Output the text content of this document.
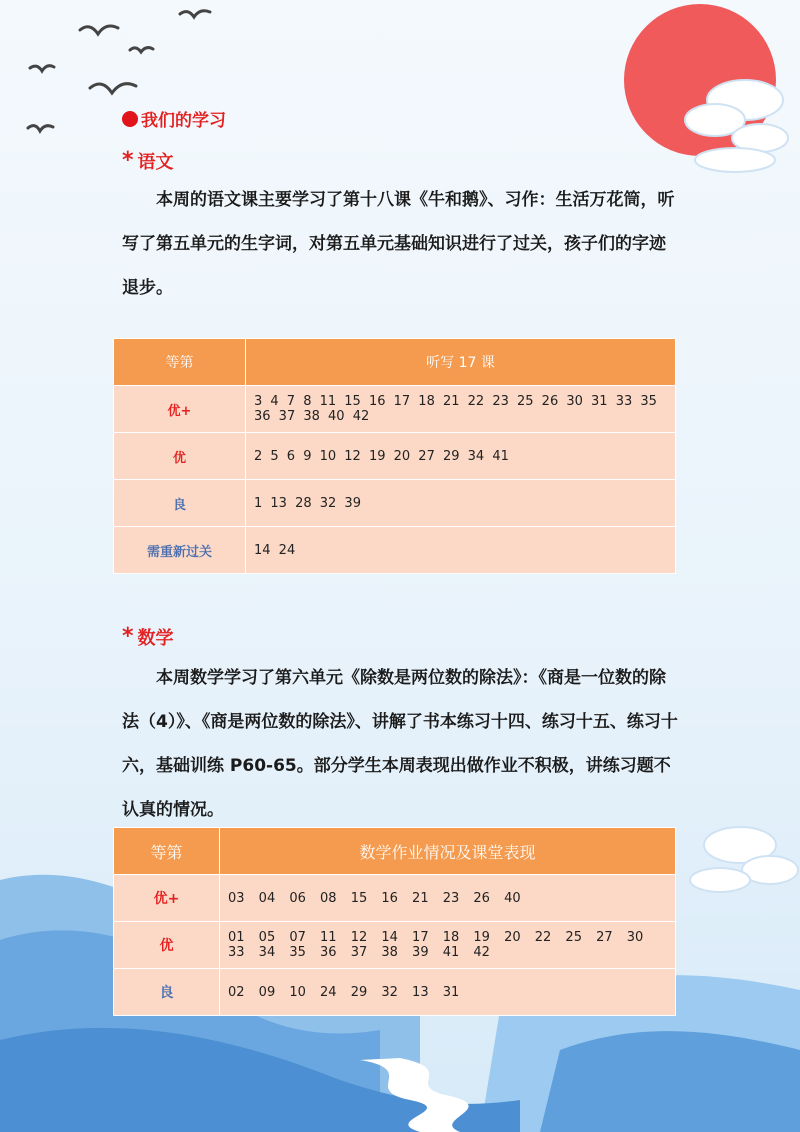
我们的学习
* 语文
本周的语文课主要学习了第十八课《牛和鹅》、习作：生活万花筒，听写了第五单元的生字词，对第五单元基础知识进行了过关，孩子们的字迹退步。
等第	听写 17 课
优+	3 4 7 8 11 15 16 17 18 21 22 23 25 26 30 31 33 35 36 37 38 40 42
优	2 5 6 9 10 12 19 20 27 29 34 41
良	1 13 28 32 39
需重新过关	14 24
* 数学
本周数学学习了第六单元《除数是两位数的除法》：《商是一位数的除法（4）》、《商是两位数的除法》、讲解了书本练习十四、练习十五、练习十六，基础训练 P60-65。部分学生本周表现出做作业不积极，讲练习题不认真的情况。
等第	数学作业情况及课堂表现
优+	03 04 06 08 15 16 21 23 26 40
优	01 05 07 11 12 14 17 18 19 20 22 25 27 30 33 34 35 36 37 38 39 41 42
良	02 09 10 24 29 32 13 31
